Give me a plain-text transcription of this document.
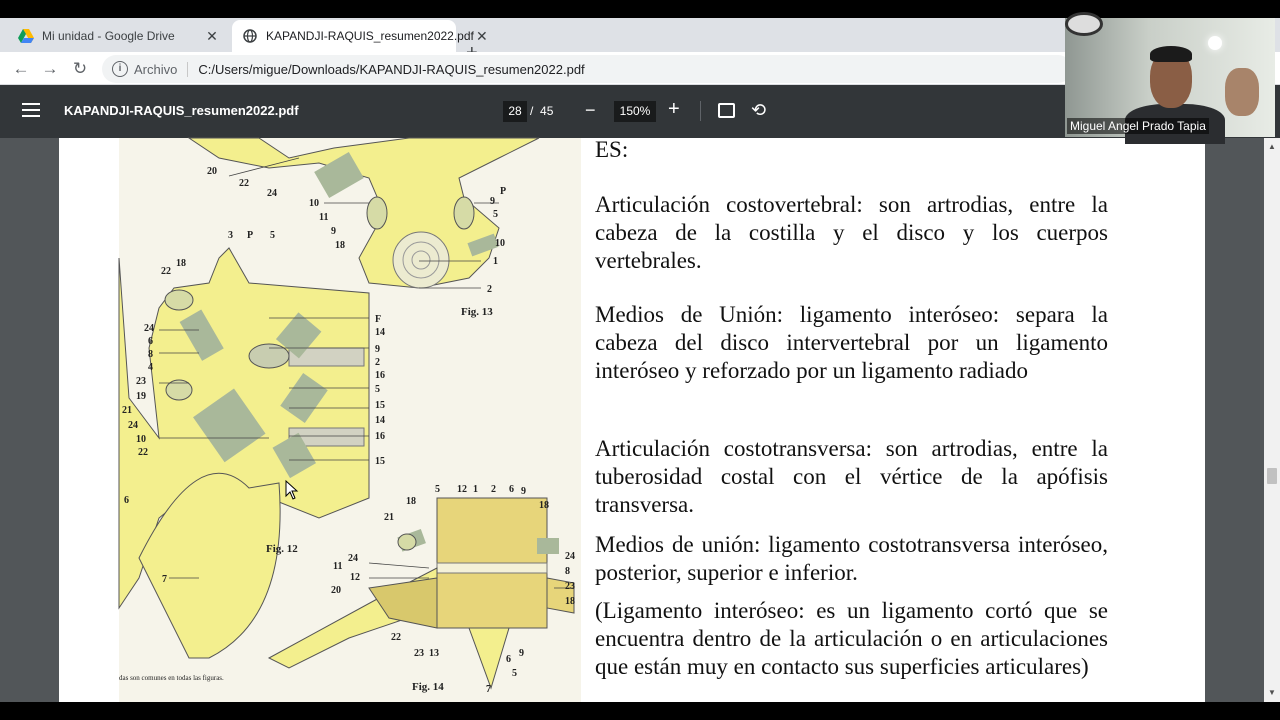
Mi unidad - Google Drive	✕	KAPANDJI-RAQUIS_resumen2022.pdf ✕
← → ↻	i Archivo	C:/Users/migue/Downloads/KAPANDJI-RAQUIS_resumen2022.pdf
KAPANDJI-RAQUIS_resumen2022.pdf	28 / 45 −	150% +	⟲
20
22
24
10
11
9
18
P
9
5
10
1
2
3 P 5
22
18
24
6
8
4
23
19
21
24
10
22
6
7
F
14
9
2
16
5
15
14
16
15
18
5 12 1 2 6 9
18
21
24
11
12
20
24
8
23
18
22
23 13
6
9
5
7
Fig. 13
Fig. 12
Fig. 14
das son comunes en todas las figuras.

ES:

Articulación costovertebral: son artrodias, entre la cabeza de la costilla y el disco y los cuerpos vertebrales.

Medios de Unión: ligamento interóseo: separa la cabeza del disco intervertebral por un ligamento interóseo y reforzado por un ligamento radiado

Articulación costotransversa: son artrodias, entre la tuberosidad costal con el vértice de la apófisis transversa.

Medios de unión: ligamento costotransversa interóseo, posterior, superior e inferior.

(Ligamento interóseo: es un ligamento cortó que se encuentra dentro de la articulación o en articulaciones que están muy en contacto sus superficies articulares)

▲
▼
Miguel Angel Prado Tapia
